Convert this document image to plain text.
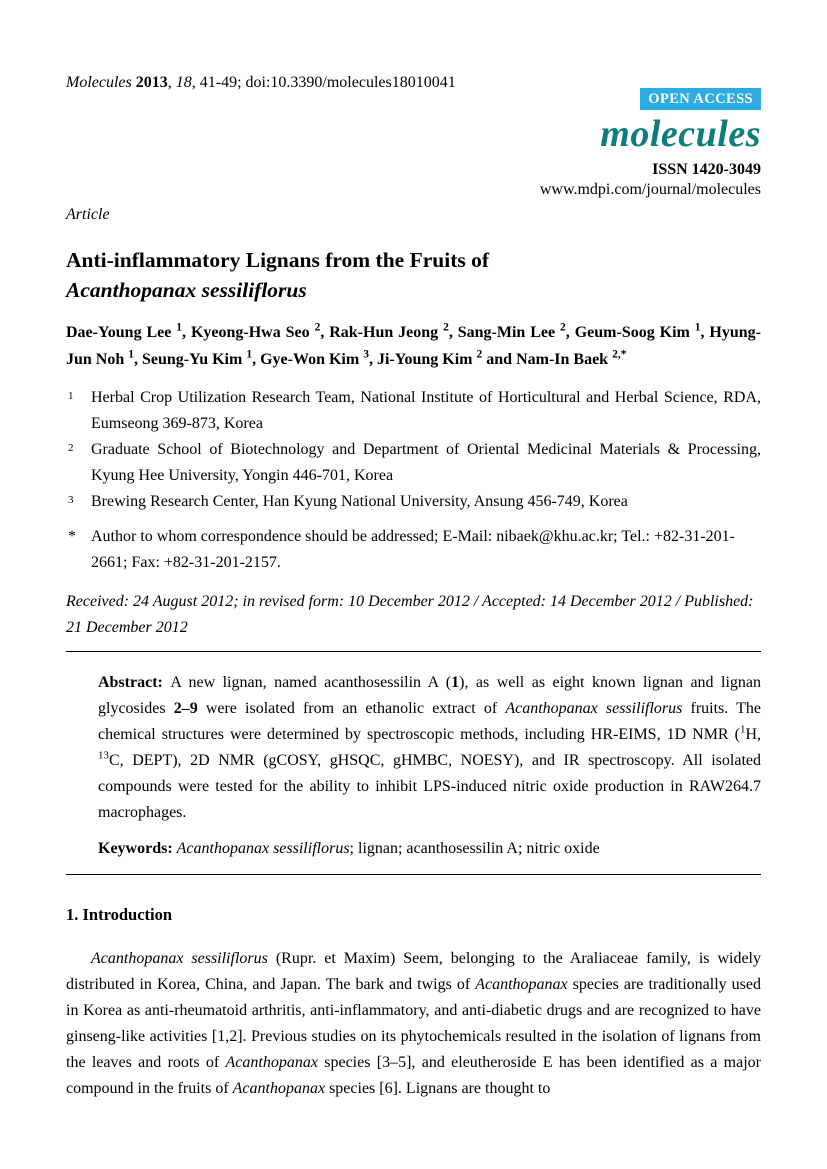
Molecules 2013, 18, 41-49; doi:10.3390/molecules18010041

OPEN ACCESS
molecules
ISSN 1420-3049
www.mdpi.com/journal/molecules

Article

Anti-inflammatory Lignans from the Fruits of
Acanthopanax sessiliflorus

Dae-Young Lee $^1$, Kyeong-Hwa Seo $^2$, Rak-Hun Jeong $^2$, Sang-Min Lee $^2$, Geum-Soog Kim $^1$, Hyung-Jun Noh $^1$, Seung-Yu Kim $^1$, Gye-Won Kim $^3$, Ji-Young Kim $^2$ and Nam-In Baek $^{2,*}$

1 Herbal Crop Utilization Research Team, National Institute of Horticultural and Herbal Science, RDA, Eumseong 369-873, Korea
2 Graduate School of Biotechnology and Department of Oriental Medicinal Materials & Processing, Kyung Hee University, Yongin 446-701, Korea
3 Brewing Research Center, Han Kyung National University, Ansung 456-749, Korea
* Author to whom correspondence should be addressed; E-Mail: nibaek@khu.ac.kr; Tel.: +82-31-201-2661; Fax: +82-31-201-2157.

Received: 24 August 2012; in revised form: 10 December 2012 / Accepted: 14 December 2012 / Published: 21 December 2012

Abstract: A new lignan, named acanthosessilin A (1), as well as eight known lignan and lignan glycosides 2–9 were isolated from an ethanolic extract of Acanthopanax sessiliflorus fruits. The chemical structures were determined by spectroscopic methods, including HR-EIMS, 1D NMR ($^1$H, $^{13}$C, DEPT), 2D NMR (gCOSY, gHSQC, gHMBC, NOESY), and IR spectroscopy. All isolated compounds were tested for the ability to inhibit LPS-induced nitric oxide production in RAW264.7 macrophages.

Keywords: Acanthopanax sessiliflorus; lignan; acanthosessilin A; nitric oxide

1. Introduction

Acanthopanax sessiliflorus (Rupr. et Maxim) Seem, belonging to the Araliaceae family, is widely distributed in Korea, China, and Japan. The bark and twigs of Acanthopanax species are traditionally used in Korea as anti-rheumatoid arthritis, anti-inflammatory, and anti-diabetic drugs and are recognized to have ginseng-like activities [1,2]. Previous studies on its phytochemicals resulted in the isolation of lignans from the leaves and roots of Acanthopanax species [3–5], and eleutheroside E has been identified as a major compound in the fruits of Acanthopanax species [6]. Lignans are thought to
